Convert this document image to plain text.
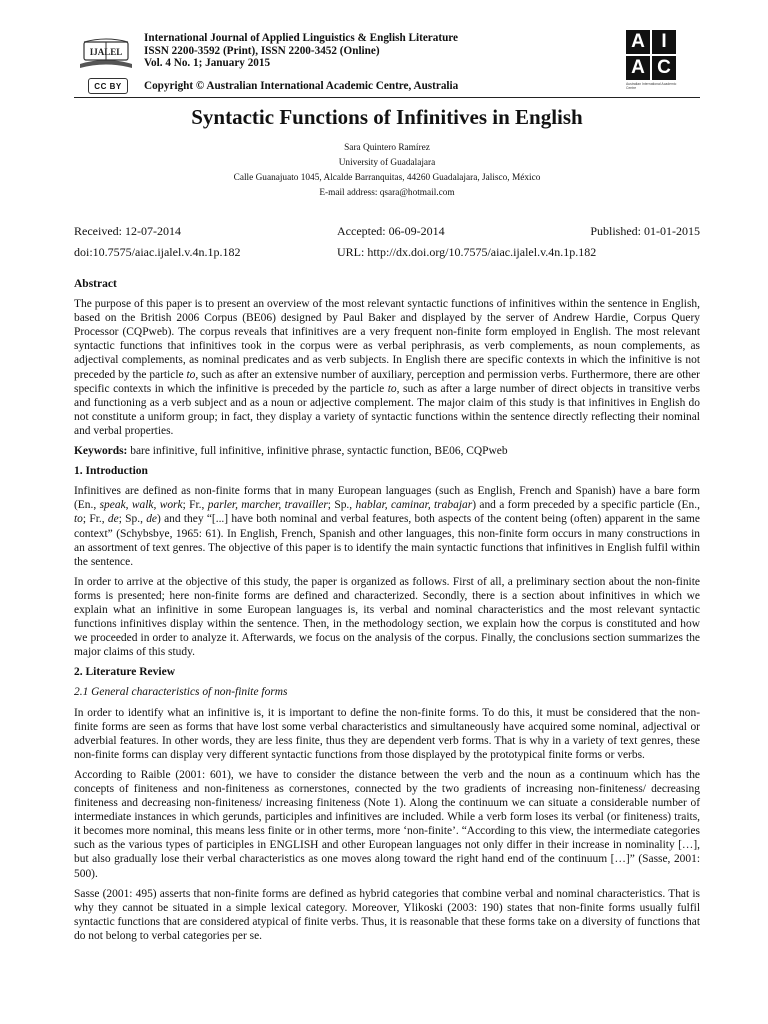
IJALEL
CC BY
International Journal of Applied Linguistics & English Literature
ISSN 2200-3592 (Print), ISSN 2200-3452 (Online)
Vol. 4 No. 1; January 2015
Copyright © Australian International Academic Centre, Australia
A I
A C
Australian International Academic Centre
Syntactic Functions of Infinitives in English
Sara Quintero Ramírez
University of Guadalajara
Calle Guanajuato 1045, Alcalde Barranquitas, 44260 Guadalajara, Jalisco, México
E-mail address: qsara@hotmail.com
Received: 12-07-2014	Accepted: 06-09-2014	Published: 01-01-2015
doi:10.7575/aiac.ijalel.v.4n.1p.182	URL: http://dx.doi.org/10.7575/aiac.ijalel.v.4n.1p.182
Abstract
The purpose of this paper is to present an overview of the most relevant syntactic functions of infinitives within the sentence in English, based on the British 2006 Corpus (BE06) designed by Paul Baker and displayed by the server of Andrew Hardie, Corpus Query Processor (CQPweb). The corpus reveals that infinitives are a very frequent non-finite form employed in English. The most relevant syntactic functions that infinitives took in the corpus were as verbal periphrasis, as verb complements, as noun complements, as adjectival complements, as nominal predicates and as verb subjects. In English there are specific contexts in which the infinitive is not preceded by the particle to, such as after an extensive number of auxiliary, perception and permission verbs. Furthermore, there are other specific contexts in which the infinitive is preceded by the particle to, such as after a large number of direct objects in transitive verbs and functioning as a verb subject and as a noun or adjective complement. The major claim of this study is that infinitives in English do not constitute a uniform group; in fact, they display a variety of syntactic functions within the sentence directly reflecting their nominal and verbal properties.
Keywords: bare infinitive, full infinitive, infinitive phrase, syntactic function, BE06, CQPweb
1. Introduction
Infinitives are defined as non-finite forms that in many European languages (such as English, French and Spanish) have a bare form (En., speak, walk, work; Fr., parler, marcher, travailler; Sp., hablar, caminar, trabajar) and a form preceded by a specific particle (En., to; Fr., de; Sp., de) and they “[...] have both nominal and verbal features, both aspects of the content being (often) apparent in the same context” (Schybsbye, 1965: 61). In English, French, Spanish and other languages, this non-finite form occurs in many constructions in an assortment of text genres. The objective of this paper is to identify the main syntactic functions that infinitives in English fulfil within the sentence.
In order to arrive at the objective of this study, the paper is organized as follows. First of all, a preliminary section about the non-finite forms is presented; here non-finite forms are defined and characterized. Secondly, there is a section about infinitives in which we explain what an infinitive in some European languages is, its verbal and nominal characteristics and the most relevant syntactic functions infinitives display within the sentence. Then, in the methodology section, we explain how the corpus is constituted and how we proceeded in order to analyze it. Afterwards, we focus on the analysis of the corpus. Finally, the conclusions section summarizes the major claims of this study.
2. Literature Review
2.1 General characteristics of non-finite forms
In order to identify what an infinitive is, it is important to define the non-finite forms. To do this, it must be considered that the non-finite forms are seen as forms that have lost some verbal characteristics and simultaneously have acquired some nominal, adjectival or adverbial features. In other words, they are less finite, thus they are dependent verb forms. That is why in a variety of text genres, these non-finite forms can display very different syntactic functions from those displayed by the prototypical finite forms or verbs.
According to Raible (2001: 601), we have to consider the distance between the verb and the noun as a continuum which has the concepts of finiteness and non-finiteness as cornerstones, connected by the two gradients of increasing non-finiteness/ decreasing finiteness and decreasing non-finiteness/ increasing finiteness (Note 1). Along the continuum we can situate a considerable number of intermediate instances in which gerunds, participles and infinitives are included. While a verb form loses its verbal (or finiteness) traits, it becomes more nominal, this means less finite or in other terms, more ‘non-finite’. “According to this view, the intermediate categories such as the various types of participles in ENGLISH and other European languages not only differ in their increase in nominality […], but also gradually lose their verbal characteristics as one moves along toward the right hand end of the continuum […]” (Sasse, 2001: 500).
Sasse (2001: 495) asserts that non-finite forms are defined as hybrid categories that combine verbal and nominal characteristics. That is why they cannot be situated in a simple lexical category. Moreover, Ylikoski (2003: 190) states that non-finite forms usually fulfil syntactic functions that are considered atypical of finite verbs. Thus, it is reasonable that these forms take on a diversity of functions that do not belong to verbal categories per se.
